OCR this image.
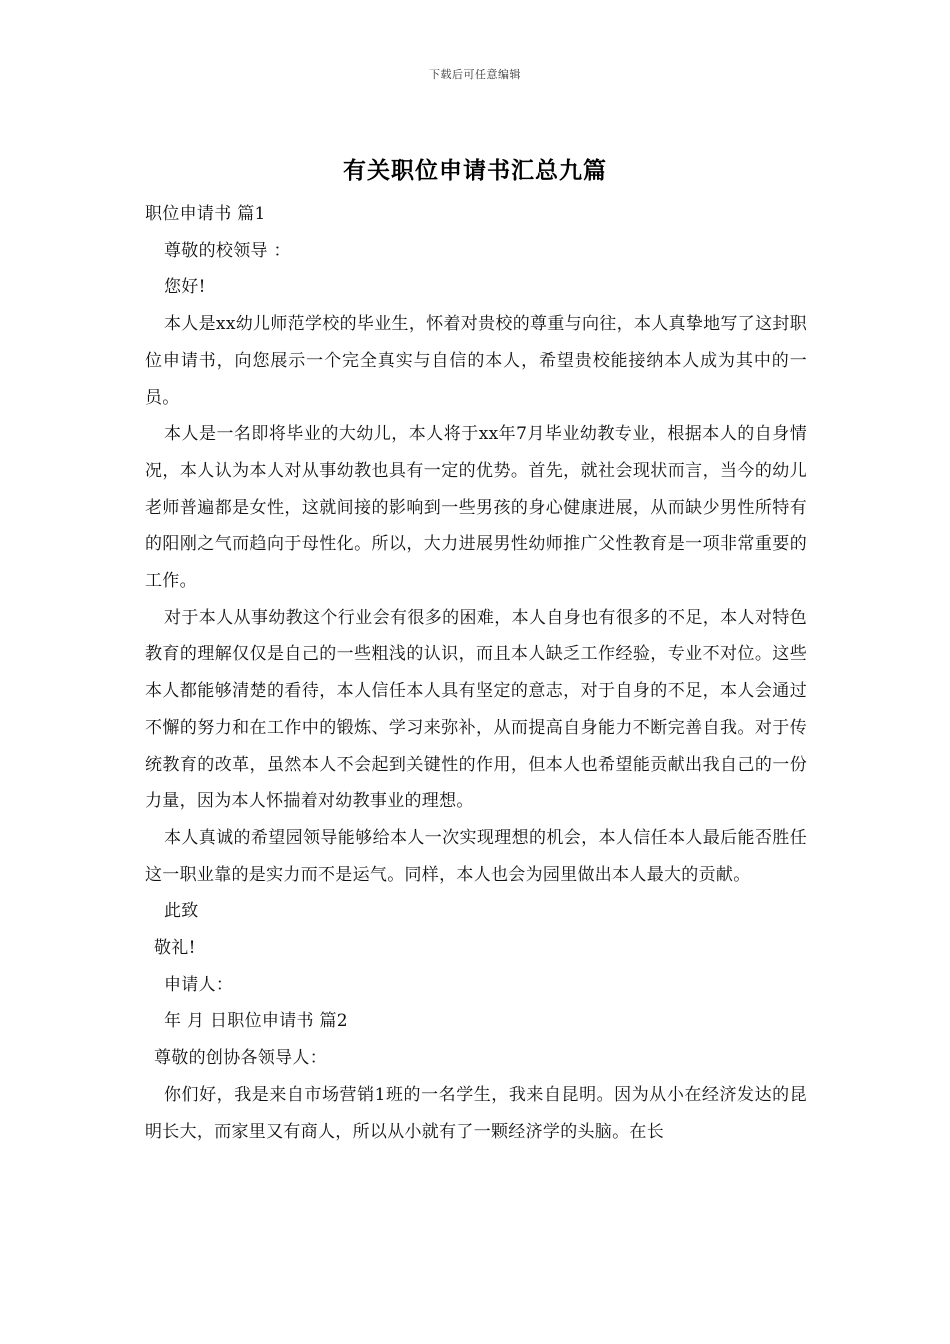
下载后可任意编辑
有关职位申请书汇总九篇

职位申请书 篇1

尊敬的校领导 ：

您好!

本人是xx幼儿师范学校的毕业生，怀着对贵校的尊重与向往，本人真挚地写了这封职位申请书，向您展示一个完全真实与自信的本人，希望贵校能接纳本人成为其中的一员。

本人是一名即将毕业的大幼儿，本人将于xx年7月毕业幼教专业，根据本人的自身情况，本人认为本人对从事幼教也具有一定的优势。首先，就社会现状而言，当今的幼儿老师普遍都是女性，这就间接的影响到一些男孩的身心健康进展，从而缺少男性所特有的阳刚之气而趋向于母性化。所以，大力进展男性幼师推广父性教育是一项非常重要的工作。

对于本人从事幼教这个行业会有很多的困难，本人自身也有很多的不足，本人对特色教育的理解仅仅是自己的一些粗浅的认识，而且本人缺乏工作经验，专业不对位。这些本人都能够清楚的看待，本人信任本人具有坚定的意志，对于自身的不足，本人会通过不懈的努力和在工作中的锻炼、学习来弥补，从而提高自身能力不断完善自我。对于传统教育的改革，虽然本人不会起到关键性的作用，但本人也希望能贡献出我自己的一份力量，因为本人怀揣着对幼教事业的理想。

本人真诚的希望园领导能够给本人一次实现理想的机会，本人信任本人最后能否胜任这一职业靠的是实力而不是运气。同样，本人也会为园里做出本人最大的贡献。

此致

敬礼!

申请人：

年 月 日职位申请书 篇2

尊敬的创协各领导人：

你们好，我是来自市场营销1班的一名学生，我来自昆明。因为从小在经济发达的昆明长大，而家里又有商人，所以从小就有了一颗经济学的头脑。在长
